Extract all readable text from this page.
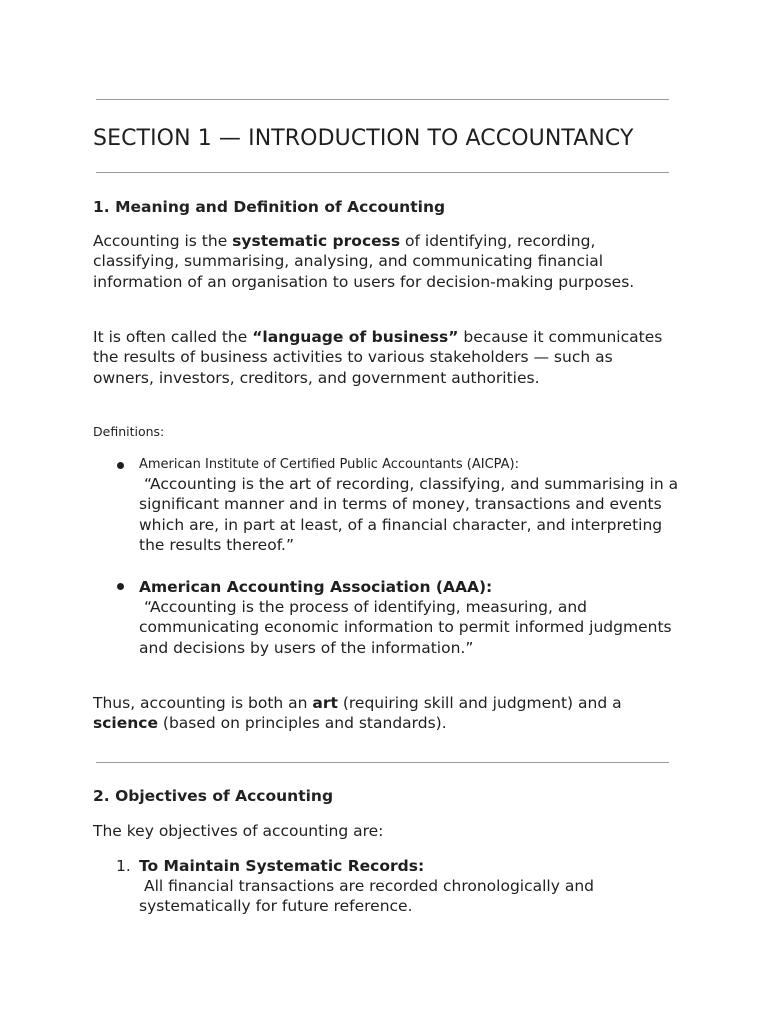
SECTION 1 — INTRODUCTION TO ACCOUNTANCY
1. Meaning and Definition of Accounting

Accounting is the systematic process of identifying, recording, classifying, summarising, analysing, and communicating financial information of an organisation to users for decision-making purposes.

It is often called the “language of business” because it communicates the results of business activities to various stakeholders — such as owners, investors, creditors, and government authorities.

Definitions:

American Institute of Certified Public Accountants (AICPA):
“Accounting is the art of recording, classifying, and summarising in a significant manner and in terms of money, transactions and events which are, in part at least, of a financial character, and interpreting the results thereof.”
American Accounting Association (AAA):
“Accounting is the process of identifying, measuring, and communicating economic information to permit informed judgments and decisions by users of the information.”

Thus, accounting is both an art (requiring skill and judgment) and a science (based on principles and standards).

2. Objectives of Accounting

The key objectives of accounting are:

1. To Maintain Systematic Records:
All financial transactions are recorded chronologically and systematically for future reference.
